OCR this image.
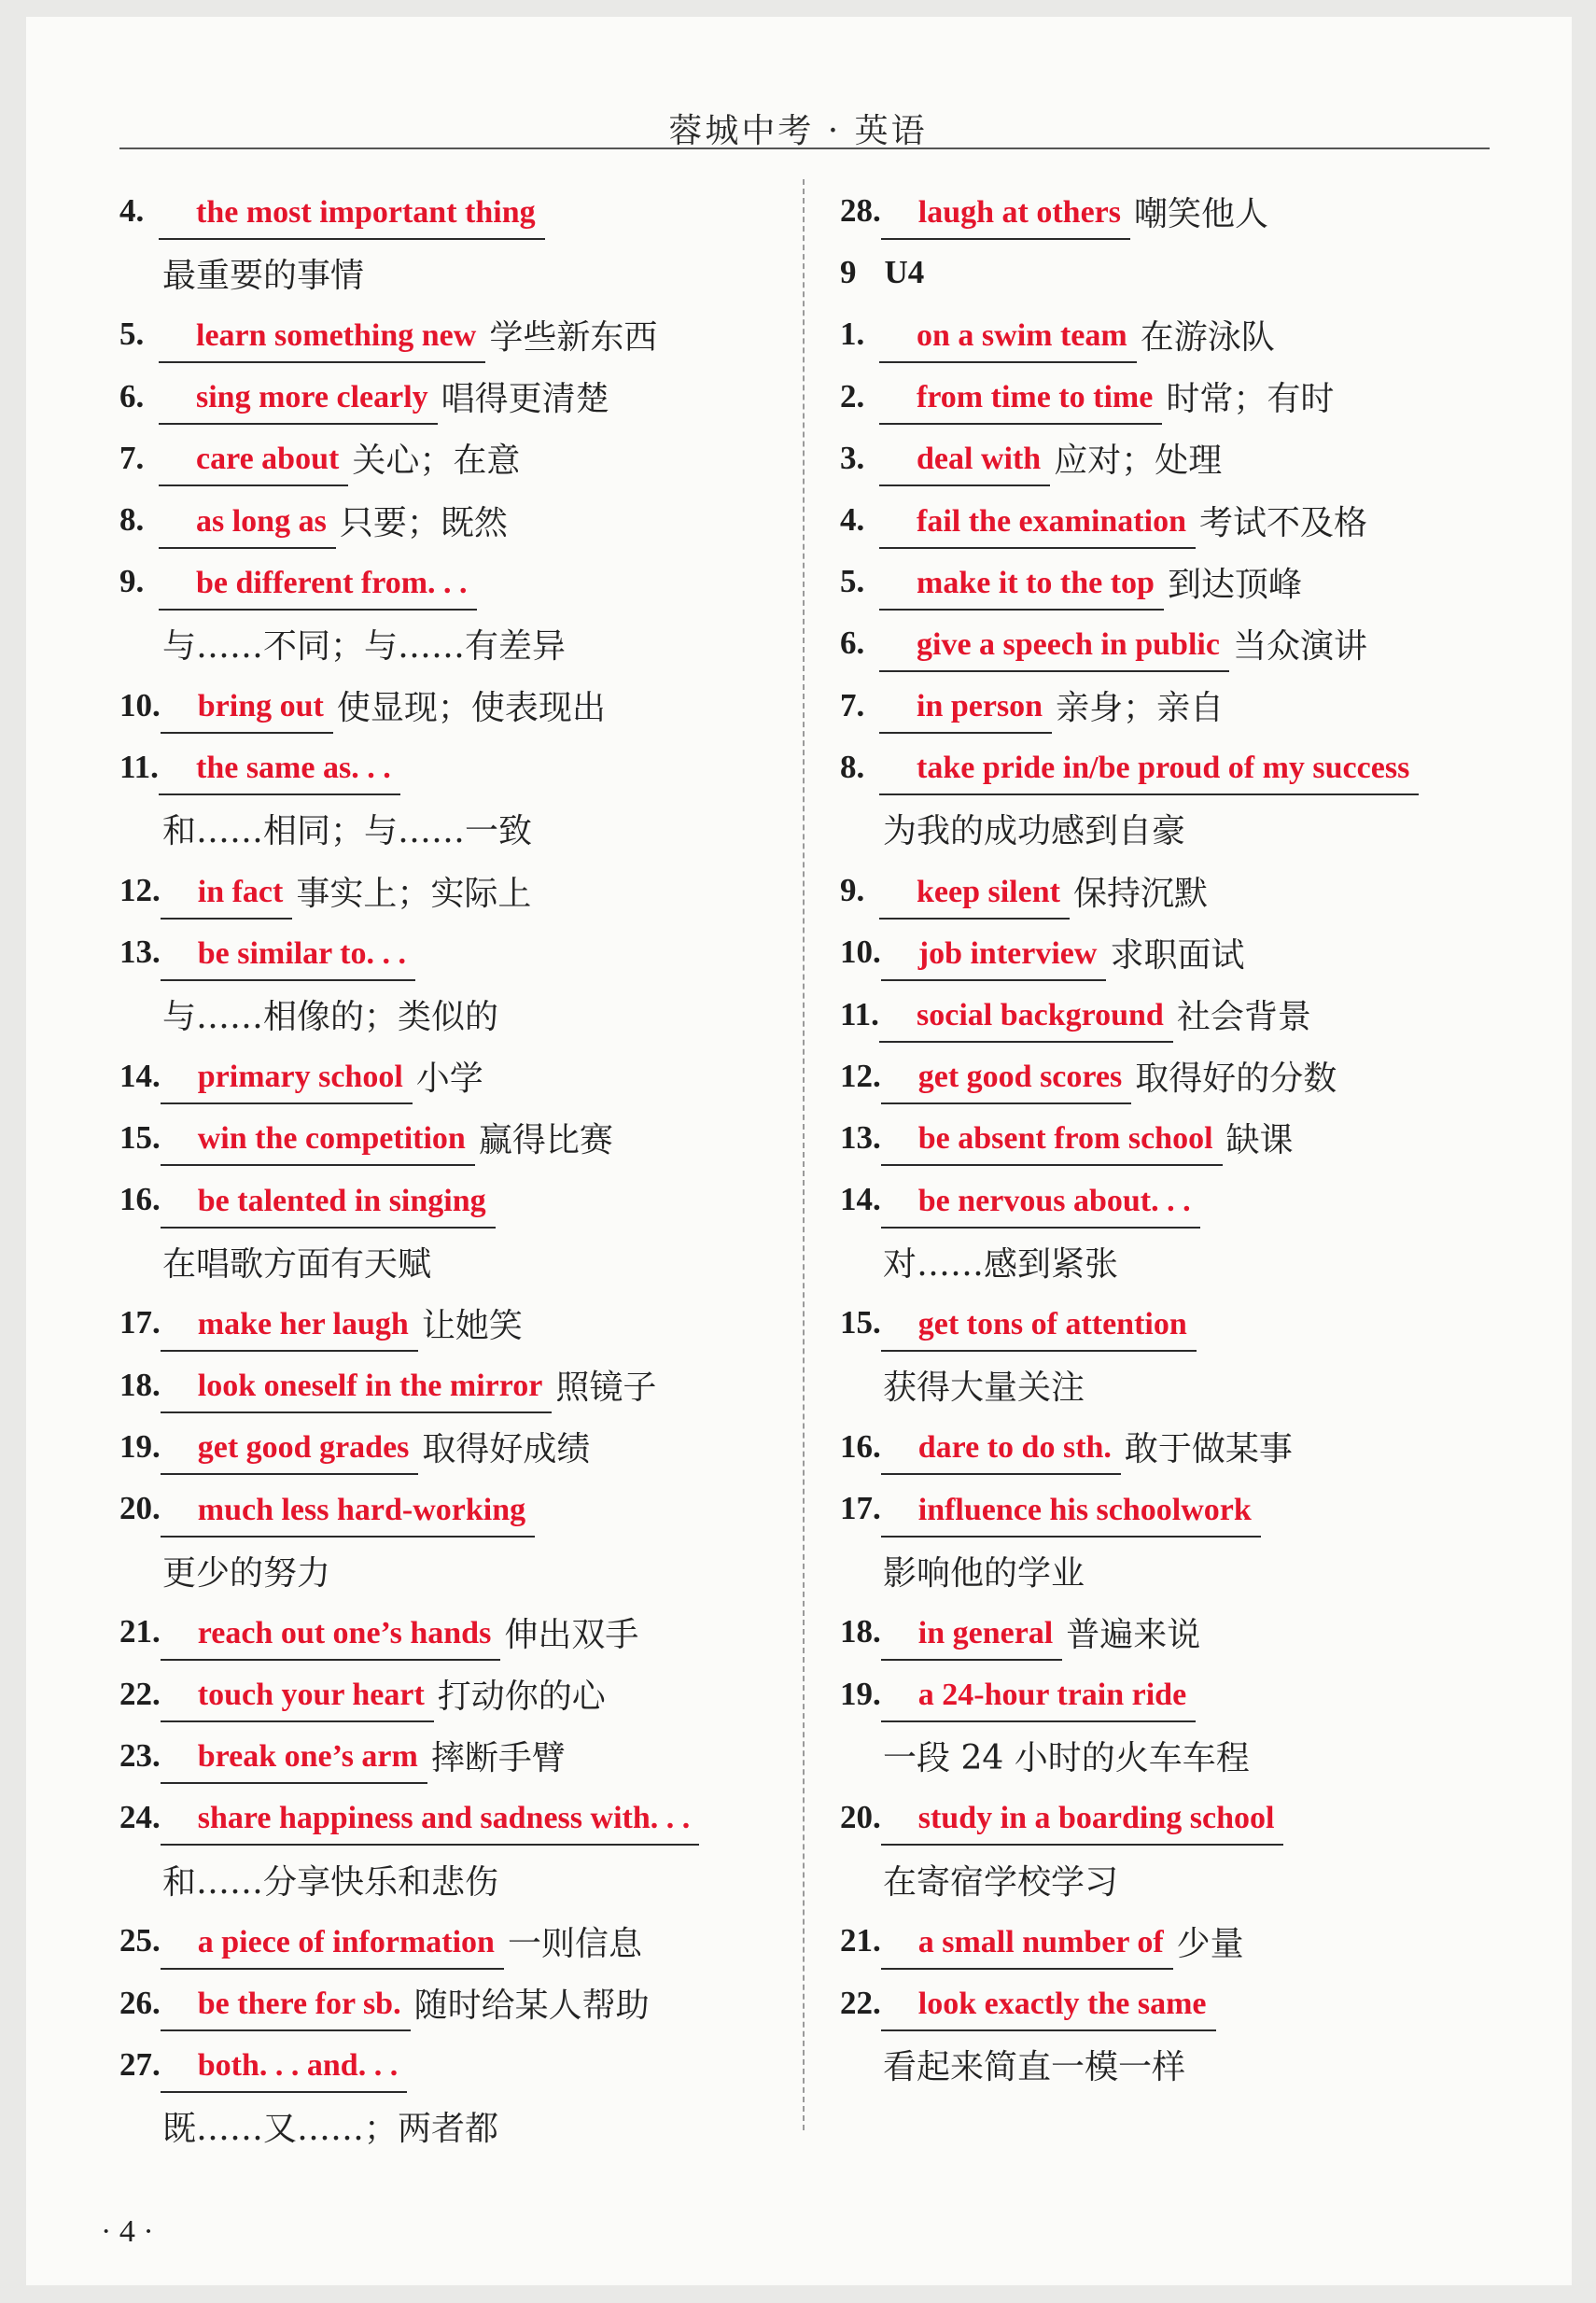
蓉城中考 · 英语
4.	the most important thing
最重要的事情
5.	learn something new 学些新东西
6.	sing more clearly 唱得更清楚
7.	care about 关心；在意
8.	as long as 只要；既然
9.	be different from. . .
与……不同；与……有差异
10.	bring out 使显现；使表现出
11.	the same as. . .
和……相同；与……一致
12.	in fact 事实上；实际上
13.	be similar to. . .
与……相像的；类似的
14.	primary school 小学
15.	win the competition 赢得比赛
16.	be talented in singing
在唱歌方面有天赋
17.	make her laugh 让她笑
18.	look oneself in the mirror 照镜子
19.	get good grades 取得好成绩
20.	much less hard-working
更少的努力
21.	reach out one’s hands 伸出双手
22.	touch your heart 打动你的心
23.	break one’s arm 摔断手臂
24.	share happiness and sadness with. . .
和……分享快乐和悲伤
25.	a piece of information 一则信息
26.	be there for sb. 随时给某人帮助
27.	both. . . and. . .
既……又……；两者都
28.	laugh at others 嘲笑他人
9 U4
1.	on a swim team 在游泳队
2.	from time to time 时常；有时
3.	deal with 应对；处理
4.	fail the examination 考试不及格
5.	make it to the top 到达顶峰
6.	give a speech in public 当众演讲
7.	in person 亲身；亲自
8.	take pride in/be proud of my success
为我的成功感到自豪
9.	keep silent 保持沉默
10.	job interview 求职面试
11.	social background 社会背景
12.	get good scores 取得好的分数
13.	be absent from school 缺课
14.	be nervous about. . .
对……感到紧张
15.	get tons of attention
获得大量关注
16.	dare to do sth. 敢于做某事
17.	influence his schoolwork
影响他的学业
18.	in general 普遍来说
19.	a 24-hour train ride
一段 24 小时的火车车程
20.	study in a boarding school
在寄宿学校学习
21.	a small number of 少量
22.	look exactly the same
看起来简直一模一样
· 4 ·
